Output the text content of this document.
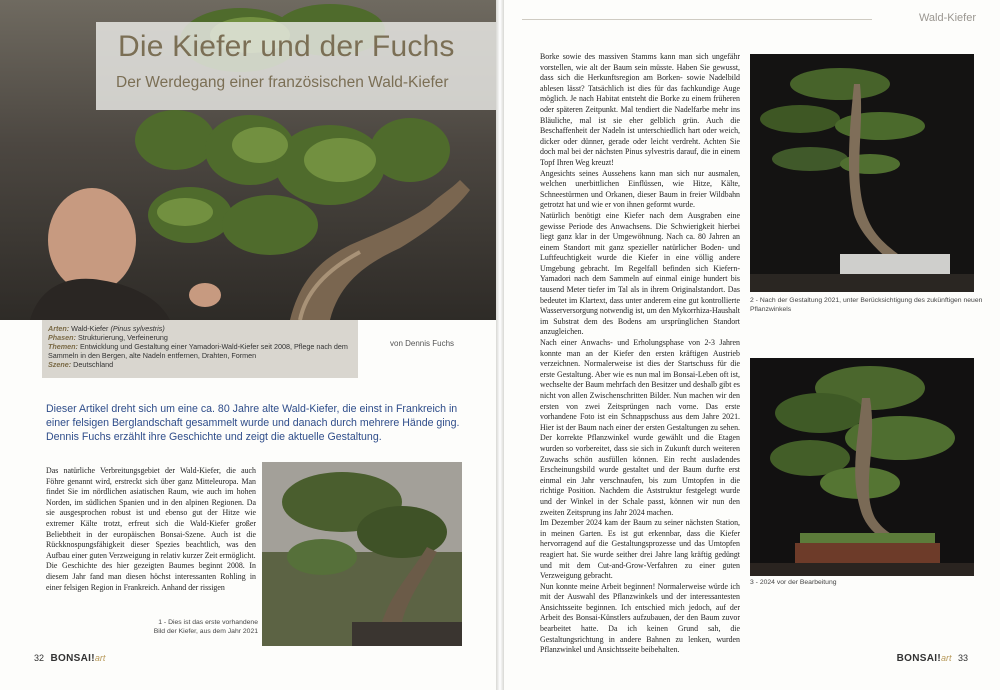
Die Kiefer und der Fuchs
Der Werdegang einer französischen Wald-Kiefer
Arten: Wald-Kiefer (Pinus sylvestris)
Phasen: Strukturierung, Verfeinerung
Themen: Entwicklung und Gestaltung einer Yamadori-Wald-Kiefer seit 2008, Pflege nach dem Sammeln in den Bergen, alte Nadeln entfernen, Drahten, Formen
Szene: Deutschland
von Dennis Fuchs
Dieser Artikel dreht sich um eine ca. 80 Jahre alte Wald-Kiefer, die einst in Frankreich in einer felsigen Berglandschaft gesammelt wurde und danach durch mehrere Hände ging. Dennis Fuchs erzählt ihre Geschichte und zeigt die aktuelle Gestaltung.

Das natürliche Verbreitungsgebiet der Wald-Kiefer, die auch Föhre genannt wird, erstreckt sich über ganz Mitteleuropa. Man findet Sie im nördlichen asiatischen Raum, wie auch im hohen Norden, im südlichen Spanien und in den alpinen Regionen. Da sie ausgesprochen robust ist und ebenso gut der Hitze wie extremer Kälte trotzt, erfreut sich die Wald-Kiefer großer Beliebtheit in der europäischen Bonsai-Szene. Auch ist die Rückknospungsfähigkeit dieser Spezies beachtlich, was den Aufbau einer guten Verzweigung in relativ kurzer Zeit ermöglicht.

Die Geschichte des hier gezeigten Baumes beginnt 2008. In diesem Jahr fand man diesen höchst interessanten Rohling in einer felsigen Region in Frankreich. Anhand der rissigen

1 - Dies ist das erste vorhandene Bild der Kiefer, aus dem Jahr 2021
32 BONSAI!art
Wald-Kiefer

Borke sowie des massiven Stamms kann man sich ungefähr vorstellen, wie alt der Baum sein müsste. Haben Sie gewusst, dass sich die Herkunftsregion am Borken- sowie Nadelbild ablesen lässt? Tatsächlich ist dies für das fachkundige Auge möglich. Je nach Habitat entsteht die Borke zu einem früheren oder späteren Zeitpunkt. Mal tendiert die Nadelfarbe mehr ins Bläuliche, mal ist sie eher gelblich grün. Auch die Beschaffenheit der Nadeln ist unterschiedlich hart oder weich, dicker oder dünner, gerade oder leicht verdreht. Achten Sie doch mal bei der nächsten Pinus sylvestris darauf, die in einem Topf Ihren Weg kreuzt!

Angesichts seines Aussehens kann man sich nur ausmalen, welchen unerbittlichen Einflüssen, wie Hitze, Kälte, Schneestürmen und Orkanen, dieser Baum in freier Wildbahn getrotzt hat und wie er von ihnen geformt wurde.

Natürlich benötigt eine Kiefer nach dem Ausgraben eine gewisse Periode des Anwachsens. Die Schwierigkeit hierbei liegt ganz klar in der Umgewöhnung. Nach ca. 80 Jahren an einem Standort mit ganz spezieller natürlicher Boden- und Luftfeuchtigkeit wurde die Kiefer in eine völlig andere Umgebung gebracht. Im Regelfall befinden sich Kiefern-Yamadori nach dem Sammeln auf einmal einige hundert bis tausend Meter tiefer im Tal als in ihrem Originalstandort. Das bedeutet im Klartext, dass unter anderem eine gut kontrollierte Wasserversorgung notwendig ist, um den Mykorrhiza-Haushalt im Substrat dem des Bodens am ursprünglichen Standort anzugleichen.

Nach einer Anwachs- und Erholungsphase von 2-3 Jahren konnte man an der Kiefer den ersten kräftigen Austrieb verzeichnen. Normalerweise ist dies der Startschuss für die erste Gestaltung. Aber wie es nun mal im Bonsai-Leben oft ist, wechselte der Baum mehrfach den Besitzer und deshalb gibt es nicht von allen Zwischenschritten Bilder. Nun machen wir den ersten von zwei Zeitsprüngen nach vorne. Das erste vorhandene Foto ist ein Schnappschuss aus dem Jahre 2021. Hier ist der Baum nach einer der ersten Gestaltungen zu sehen. Der korrekte Pflanzwinkel wurde gewählt und die Etagen wurden so vorbereitet, dass sie sich in Zukunft durch weiteren Zuwachs schön ausfüllen können. Ein recht ausladendes Erscheinungsbild wurde gestaltet und der Baum durfte erst einmal ein Jahr verschnaufen, bis zum Umtopfen in die richtige Position. Nachdem die Aststruktur festgelegt wurde und der Winkel in der Schale passt, können wir nun den zweiten Zeitsprung ins Jahr 2024 machen.

Im Dezember 2024 kam der Baum zu seiner nächsten Station, in meinen Garten. Es ist gut erkennbar, dass die Kiefer hervorragend auf die Gestaltungsprozesse und das Umtopfen reagiert hat. Sie wurde seither drei Jahre lang kräftig gedüngt und mit dem Cut-and-Grow-Verfahren zu einer guten Verzweigung gebracht.

Nun konnte meine Arbeit beginnen! Normalerweise würde ich mit der Auswahl des Pflanzwinkels und der interessantesten Ansichtsseite beginnen. Ich entschied mich jedoch, auf der Arbeit des Bonsai-Künstlers aufzubauen, der den Baum zuvor bearbeitet hatte. Da ich keinen Grund sah, die Gestaltungsrichtung in andere Bahnen zu lenken, wurden Pflanzwinkel und Ansichtsseite beibehalten.

2 - Nach der Gestaltung 2021, unter Berücksichtigung des zukünftigen neuen Pflanzwinkels
3 - 2024 vor der Bearbeitung
BONSAI!art 33
